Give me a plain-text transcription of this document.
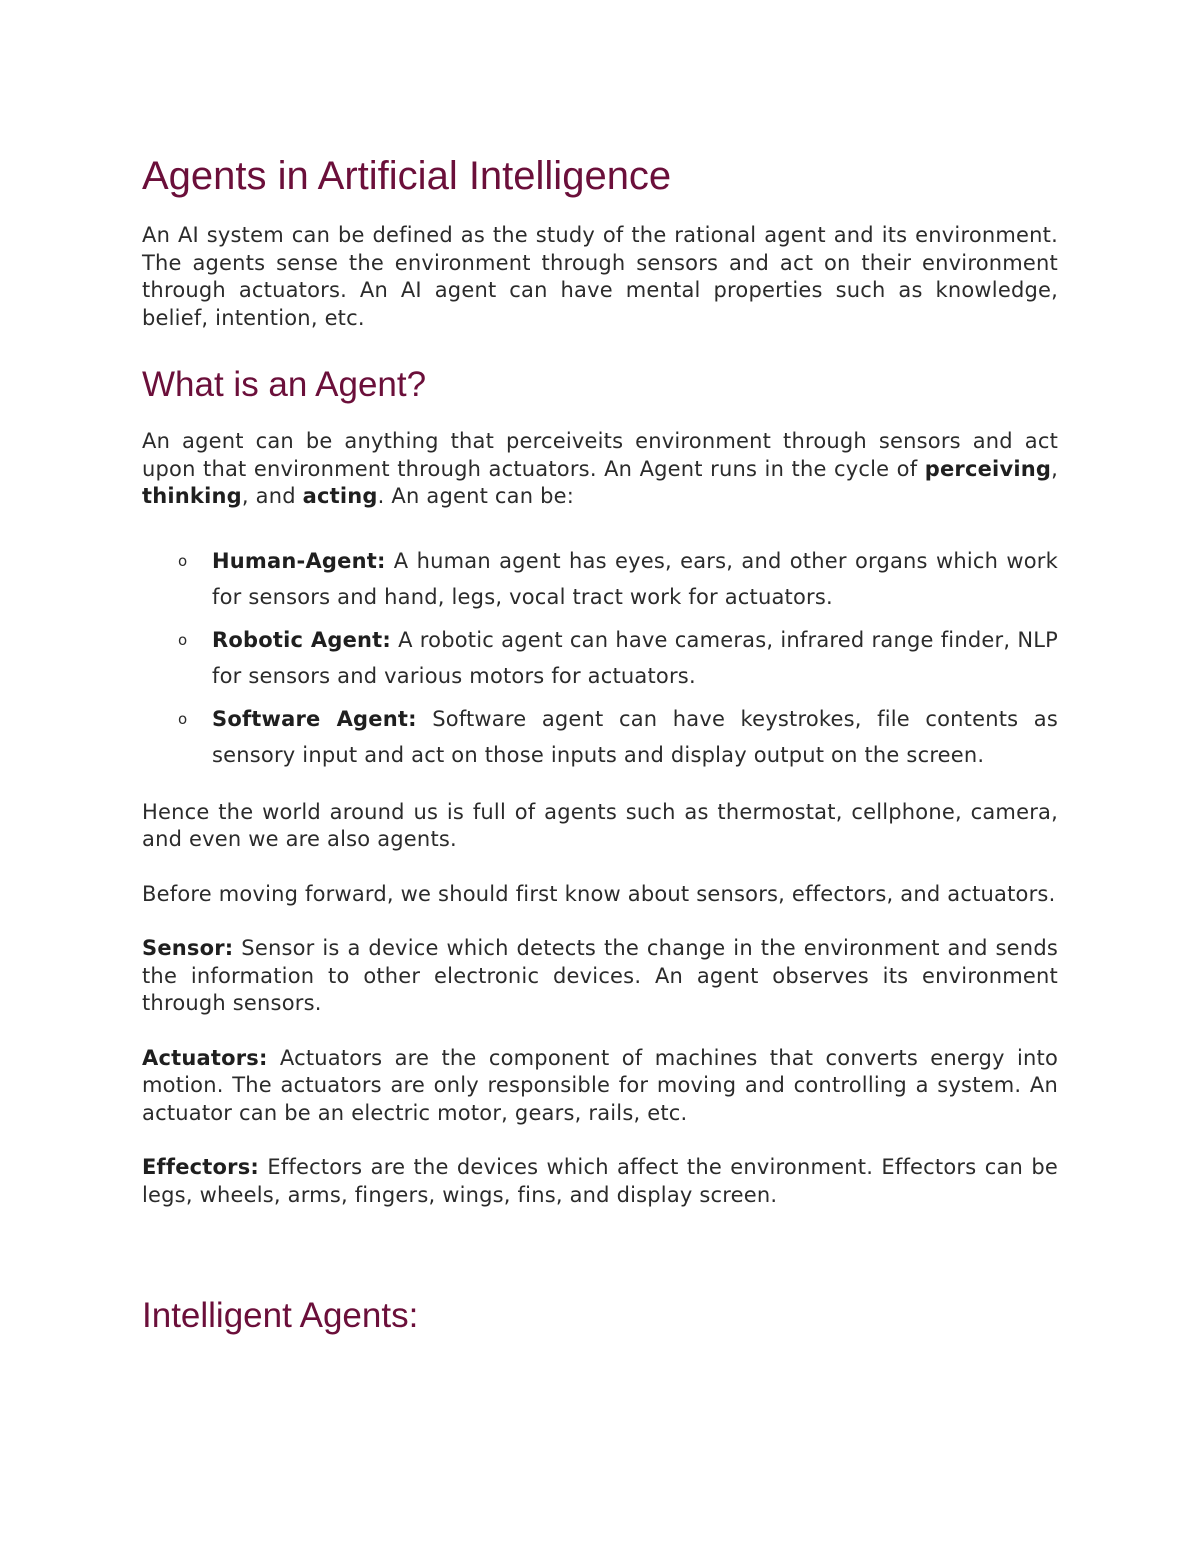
Agents in Artificial Intelligence

An AI system can be defined as the study of the rational agent and its environment. The agents sense the environment through sensors and act on their environment through actuators. An AI agent can have mental properties such as knowledge, belief, intention, etc.

What is an Agent?

An agent can be anything that perceiveits environment through sensors and act upon that environment through actuators. An Agent runs in the cycle of perceiving, thinking, and acting. An agent can be:

o Human-Agent: A human agent has eyes, ears, and other organs which work for sensors and hand, legs, vocal tract work for actuators.
o Robotic Agent: A robotic agent can have cameras, infrared range finder, NLP for sensors and various motors for actuators.
o Software Agent: Software agent can have keystrokes, file contents as sensory input and act on those inputs and display output on the screen.

Hence the world around us is full of agents such as thermostat, cellphone, camera, and even we are also agents.

Before moving forward, we should first know about sensors, effectors, and actuators.

Sensor: Sensor is a device which detects the change in the environment and sends the information to other electronic devices. An agent observes its environment through sensors.

Actuators: Actuators are the component of machines that converts energy into motion. The actuators are only responsible for moving and controlling a system. An actuator can be an electric motor, gears, rails, etc.

Effectors: Effectors are the devices which affect the environment. Effectors can be legs, wheels, arms, fingers, wings, fins, and display screen.

Intelligent Agents:
